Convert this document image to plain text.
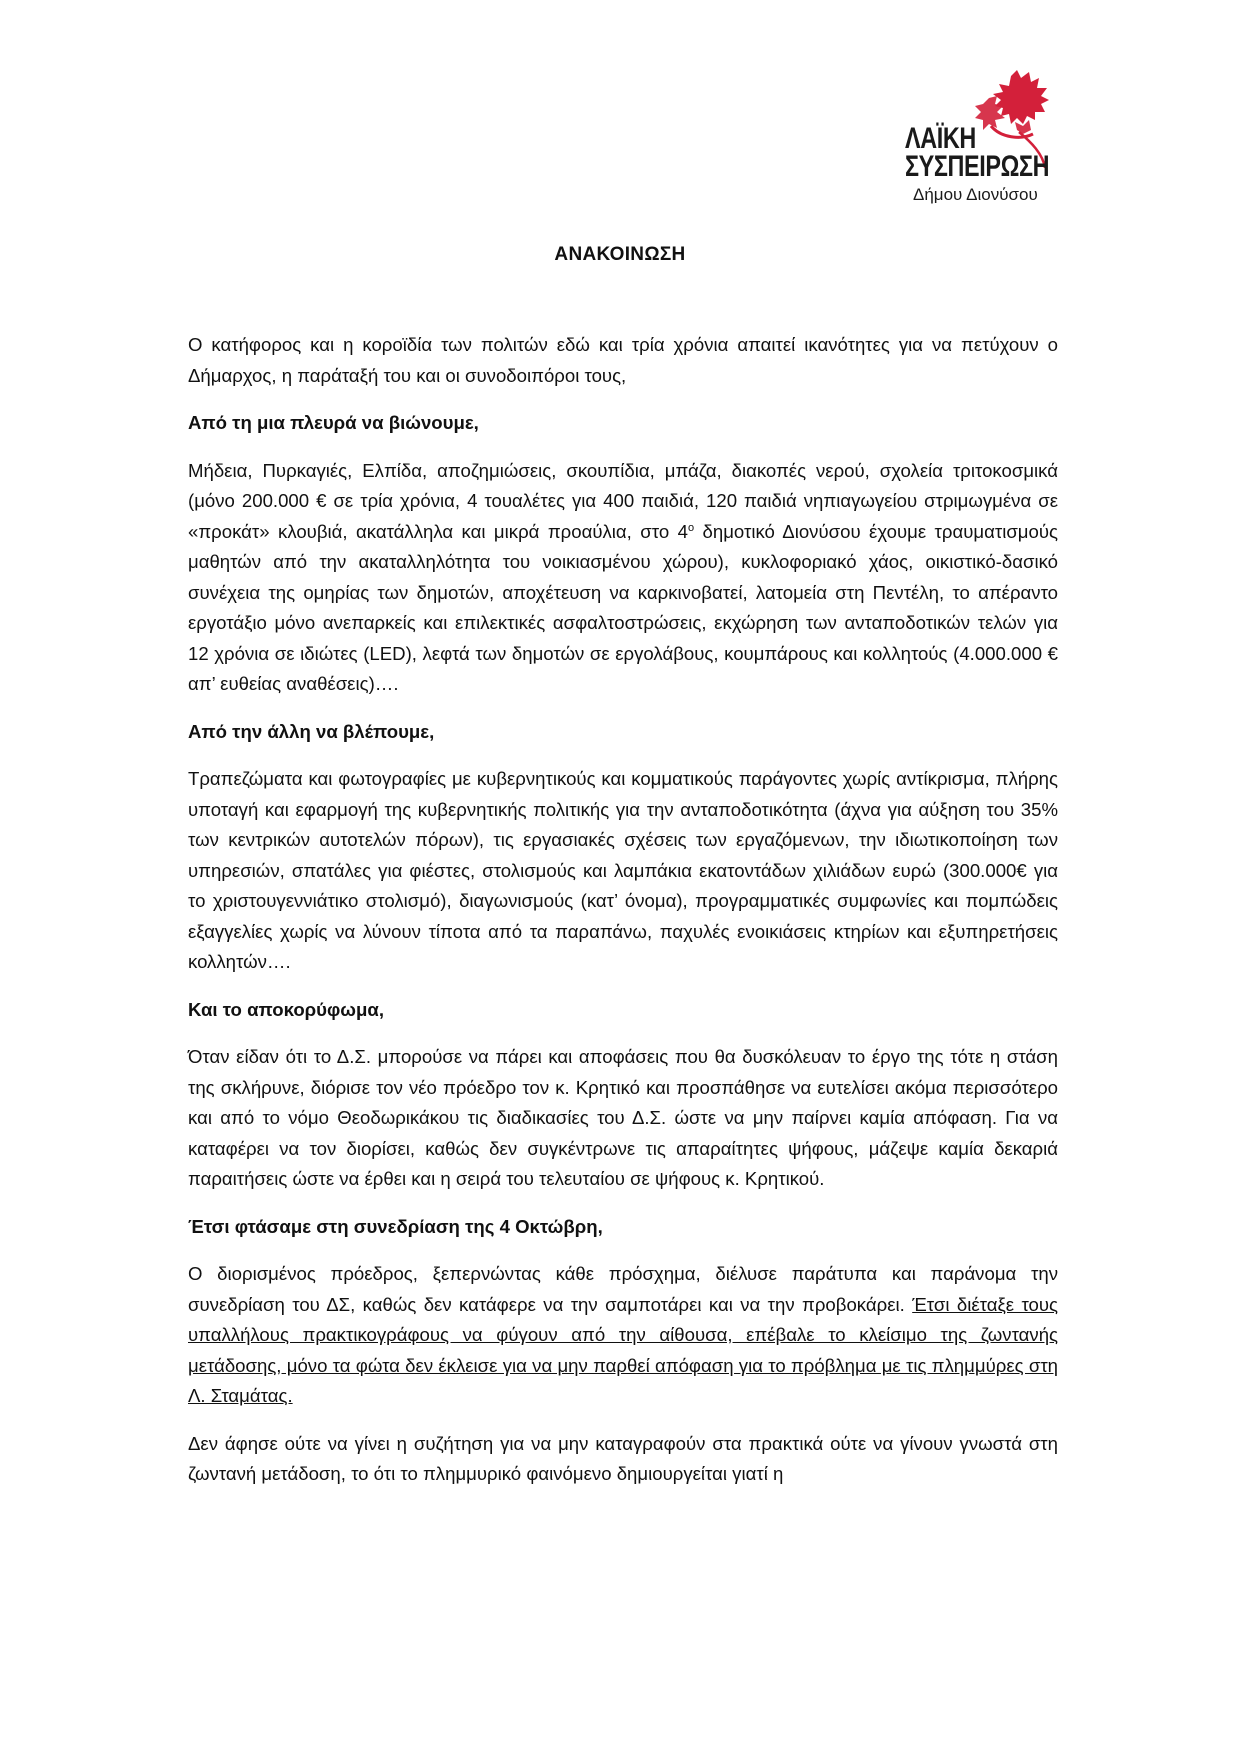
ΛΑΪΚΗ
ΣΥΣΠΕΙΡΩΣΗ
Δήμου Διονύσου
ΑΝΑΚΟΙΝΩΣΗ

Ο κατήφορος και η κοροϊδία των πολιτών εδώ και τρία χρόνια απαιτεί ικανότητες για να πετύχουν ο Δήμαρχος, η παράταξή του και οι συνοδοιπόροι τους,

Από τη μια πλευρά να βιώνουμε,

Μήδεια, Πυρκαγιές, Ελπίδα, αποζημιώσεις, σκουπίδια, μπάζα, διακοπές νερού, σχολεία τριτοκοσμικά (μόνο 200.000 € σε τρία χρόνια, 4 τουαλέτες για 400 παιδιά, 120 παιδιά νηπιαγωγείου στριμωγμένα σε «προκάτ» κλουβιά, ακατάλληλα και μικρά προαύλια, στο $4^o$ δημοτικό Διονύσου έχουμε τραυματισμούς μαθητών από την ακαταλληλότητα του νοικιασμένου χώρου), κυκλοφοριακό χάος, οικιστικό-δασικό συνέχεια της ομηρίας των δημοτών, αποχέτευση να καρκινοβατεί, λατομεία στη Πεντέλη, το απέραντο εργοτάξιο μόνο ανεπαρκείς και επιλεκτικές ασφαλτοστρώσεις, εκχώρηση των ανταποδοτικών τελών για 12 χρόνια σε ιδιώτες (LED), λεφτά των δημοτών σε εργολάβους, κουμπάρους και κολλητούς (4.000.000 € απ’ ευθείας αναθέσεις)….

Από την άλλη να βλέπουμε,

Τραπεζώματα και φωτογραφίες με κυβερνητικούς και κομματικούς παράγοντες χωρίς αντίκρισμα, πλήρης υποταγή και εφαρμογή της κυβερνητικής πολιτικής για την ανταποδοτικότητα (άχνα για αύξηση του 35% των κεντρικών αυτοτελών πόρων), τις εργασιακές σχέσεις των εργαζόμενων, την ιδιωτικοποίηση των υπηρεσιών, σπατάλες για φιέστες, στολισμούς και λαμπάκια εκατοντάδων χιλιάδων ευρώ (300.000€ για το χριστουγεννιάτικο στολισμό), διαγωνισμούς (κατ’ όνομα), προγραμματικές συμφωνίες και πομπώδεις εξαγγελίες χωρίς να λύνουν τίποτα από τα παραπάνω, παχυλές ενοικιάσεις κτηρίων και εξυπηρετήσεις κολλητών….

Και το αποκορύφωμα,

Όταν είδαν ότι το Δ.Σ. μπορούσε να πάρει και αποφάσεις που θα δυσκόλευαν το έργο της τότε η στάση της σκλήρυνε, διόρισε τον νέο πρόεδρο τον κ. Κρητικό και προσπάθησε να ευτελίσει ακόμα περισσότερο και από το νόμο Θεοδωρικάκου τις διαδικασίες του Δ.Σ. ώστε να μην παίρνει καμία απόφαση. Για να καταφέρει να τον διορίσει, καθώς δεν συγκέντρωνε τις απαραίτητες ψήφους, μάζεψε καμία δεκαριά παραιτήσεις ώστε να έρθει και η σειρά του τελευταίου σε ψήφους κ. Κρητικού.

Έτσι φτάσαμε στη συνεδρίαση της 4 Οκτώβρη,

Ο διορισμένος πρόεδρος, ξεπερνώντας κάθε πρόσχημα, διέλυσε παράτυπα και παράνομα την συνεδρίαση του ΔΣ, καθώς δεν κατάφερε να την σαμποτάρει και να την προβοκάρει. Έτσι διέταξε τους υπαλλήλους πρακτικογράφους να φύγουν από την αίθουσα, επέβαλε το κλείσιμο της ζωντανής μετάδοσης, μόνο τα φώτα δεν έκλεισε για να μην παρθεί απόφαση για το πρόβλημα με τις πλημμύρες στη Λ. Σταμάτας.

Δεν άφησε ούτε να γίνει η συζήτηση για να μην καταγραφούν στα πρακτικά ούτε να γίνουν γνωστά στη ζωντανή μετάδοση, το ότι το πλημμυρικό φαινόμενο δημιουργείται γιατί η
